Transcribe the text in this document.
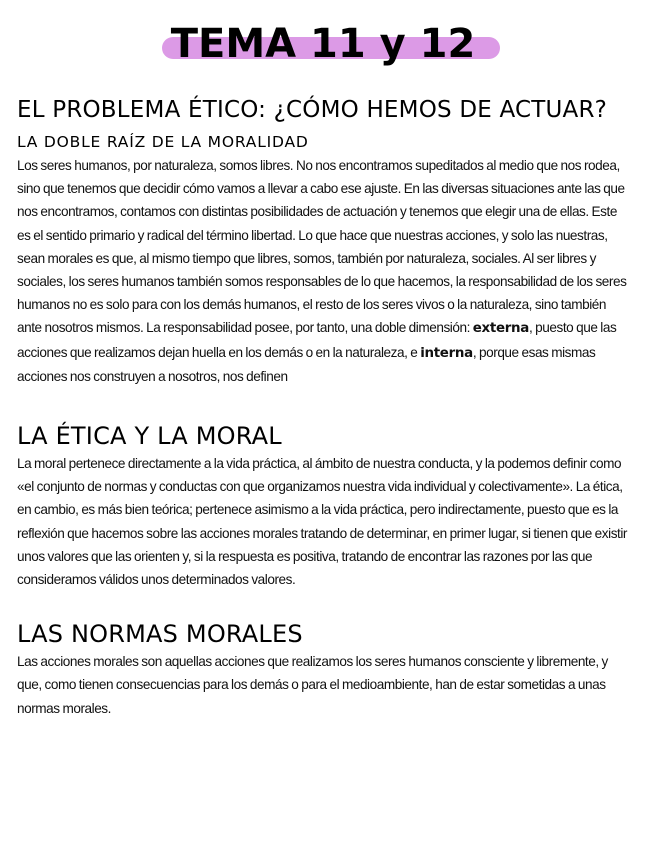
TEMA 11 y 12
EL PROBLEMA ÉTICO: ¿CÓMO HEMOS DE ACTUAR?
LA DOBLE RAÍZ DE LA MORALIDAD

Los seres humanos, por naturaleza, somos libres. No nos encontramos supeditados al medio que nos rodea, sino que tenemos que decidir cómo vamos a llevar a cabo ese ajuste. En las diversas situaciones ante las que nos encontramos, contamos con distintas posibilidades de actuación y tenemos que elegir una de ellas. Este es el sentido primario y radical del término libertad. Lo que hace que nuestras acciones, y solo las nuestras, sean morales es que, al mismo tiempo que libres, somos, también por naturaleza, sociales. Al ser libres y sociales, los seres humanos también somos responsables de lo que hacemos, la responsabilidad de los seres humanos no es solo para con los demás humanos, el resto de los seres vivos o la naturaleza, sino también ante nosotros mismos. La responsabilidad posee, por tanto, una doble dimensión: externa, puesto que las acciones que realizamos dejan huella en los demás o en la naturaleza, e interna, porque esas mismas acciones nos construyen a nosotros, nos definen

LA ÉTICA Y LA MORAL

La moral pertenece directamente a la vida práctica, al ámbito de nuestra conducta, y la podemos definir como «el conjunto de normas y conductas con que organizamos nuestra vida individual y colectivamente». La ética, en cambio, es más bien teórica; pertenece asimismo a la vida práctica, pero indirectamente, puesto que es la reflexión que hacemos sobre las acciones morales tratando de determinar, en primer lugar, si tienen que existir unos valores que las orienten y, si la respuesta es positiva, tratando de encontrar las razones por las que consideramos válidos unos determinados valores.

LAS NORMAS MORALES

Las acciones morales son aquellas acciones que realizamos los seres humanos consciente y libremente, y que, como tienen consecuencias para los demás o para el medioambiente, han de estar sometidas a unas normas morales.
